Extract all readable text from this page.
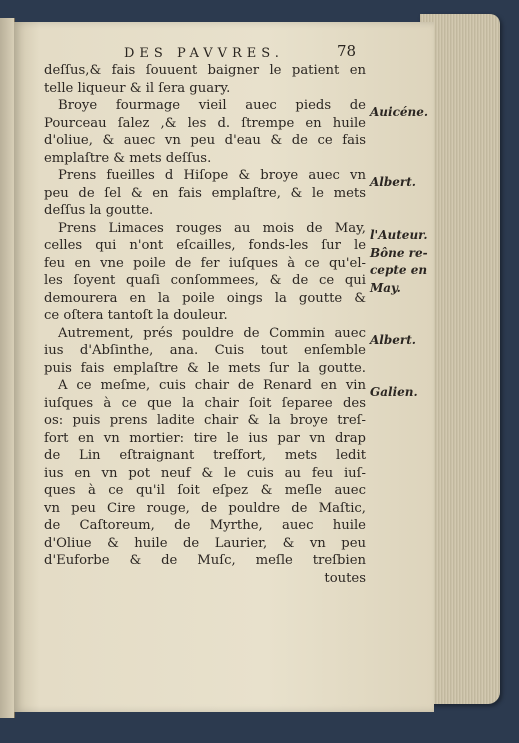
DES PAVVRES.	78
deſſus,& fais ſouuent baigner le patient en
telle liqueur & il ſera guary.
Broye fourmage vieil auec pieds de
Pourceau ſalez ,& les d. ſtrempe en huile
d'oliue, & auec vn peu d'eau & de ce fais
emplaſtre & mets deſſus.
Prens fueilles d Hiſope & broye auec vn
peu de ſel & en fais emplaſtre, & le mets
deſſus la goutte.
Prens Limaces rouges au mois de May,
celles qui n'ont eſcailles, fonds-les ſur le
feu en vne poile de fer iuſques à ce qu'el-
les ſoyent quaſi conſommees, & de ce qui
demourera en la poile oings la goutte &
ce oſtera tantoſt la douleur.
Autrement, prés pouldre de Commin auec
ius d'Abſinthe, ana. Cuis tout enſemble
puis fais emplaſtre & le mets ſur la goutte.
A ce meſme, cuis chair de Renard en vin
iuſques à ce que la chair ſoit ſeparee des
os: puis prens ladite chair & la broye treſ-
fort en vn mortier: tire le ius par vn drap
de Lin eſtraignant treſfort, mets ledit
ius en vn pot neuf & le cuis au feu iuſ-
ques à ce qu'il ſoit eſpez & meſle auec
vn peu Cire rouge, de pouldre de Maſtic,
de Caſtoreum, de Myrthe, auec huile
d'Oliue & huile de Laurier, & vn peu
d'Euforbe & de Muſc, meſle treſbien
toutes
Auicéne.
Albert.
l'Auteur.
Bône re-
cepte en
May.
Albert.
Galien.
